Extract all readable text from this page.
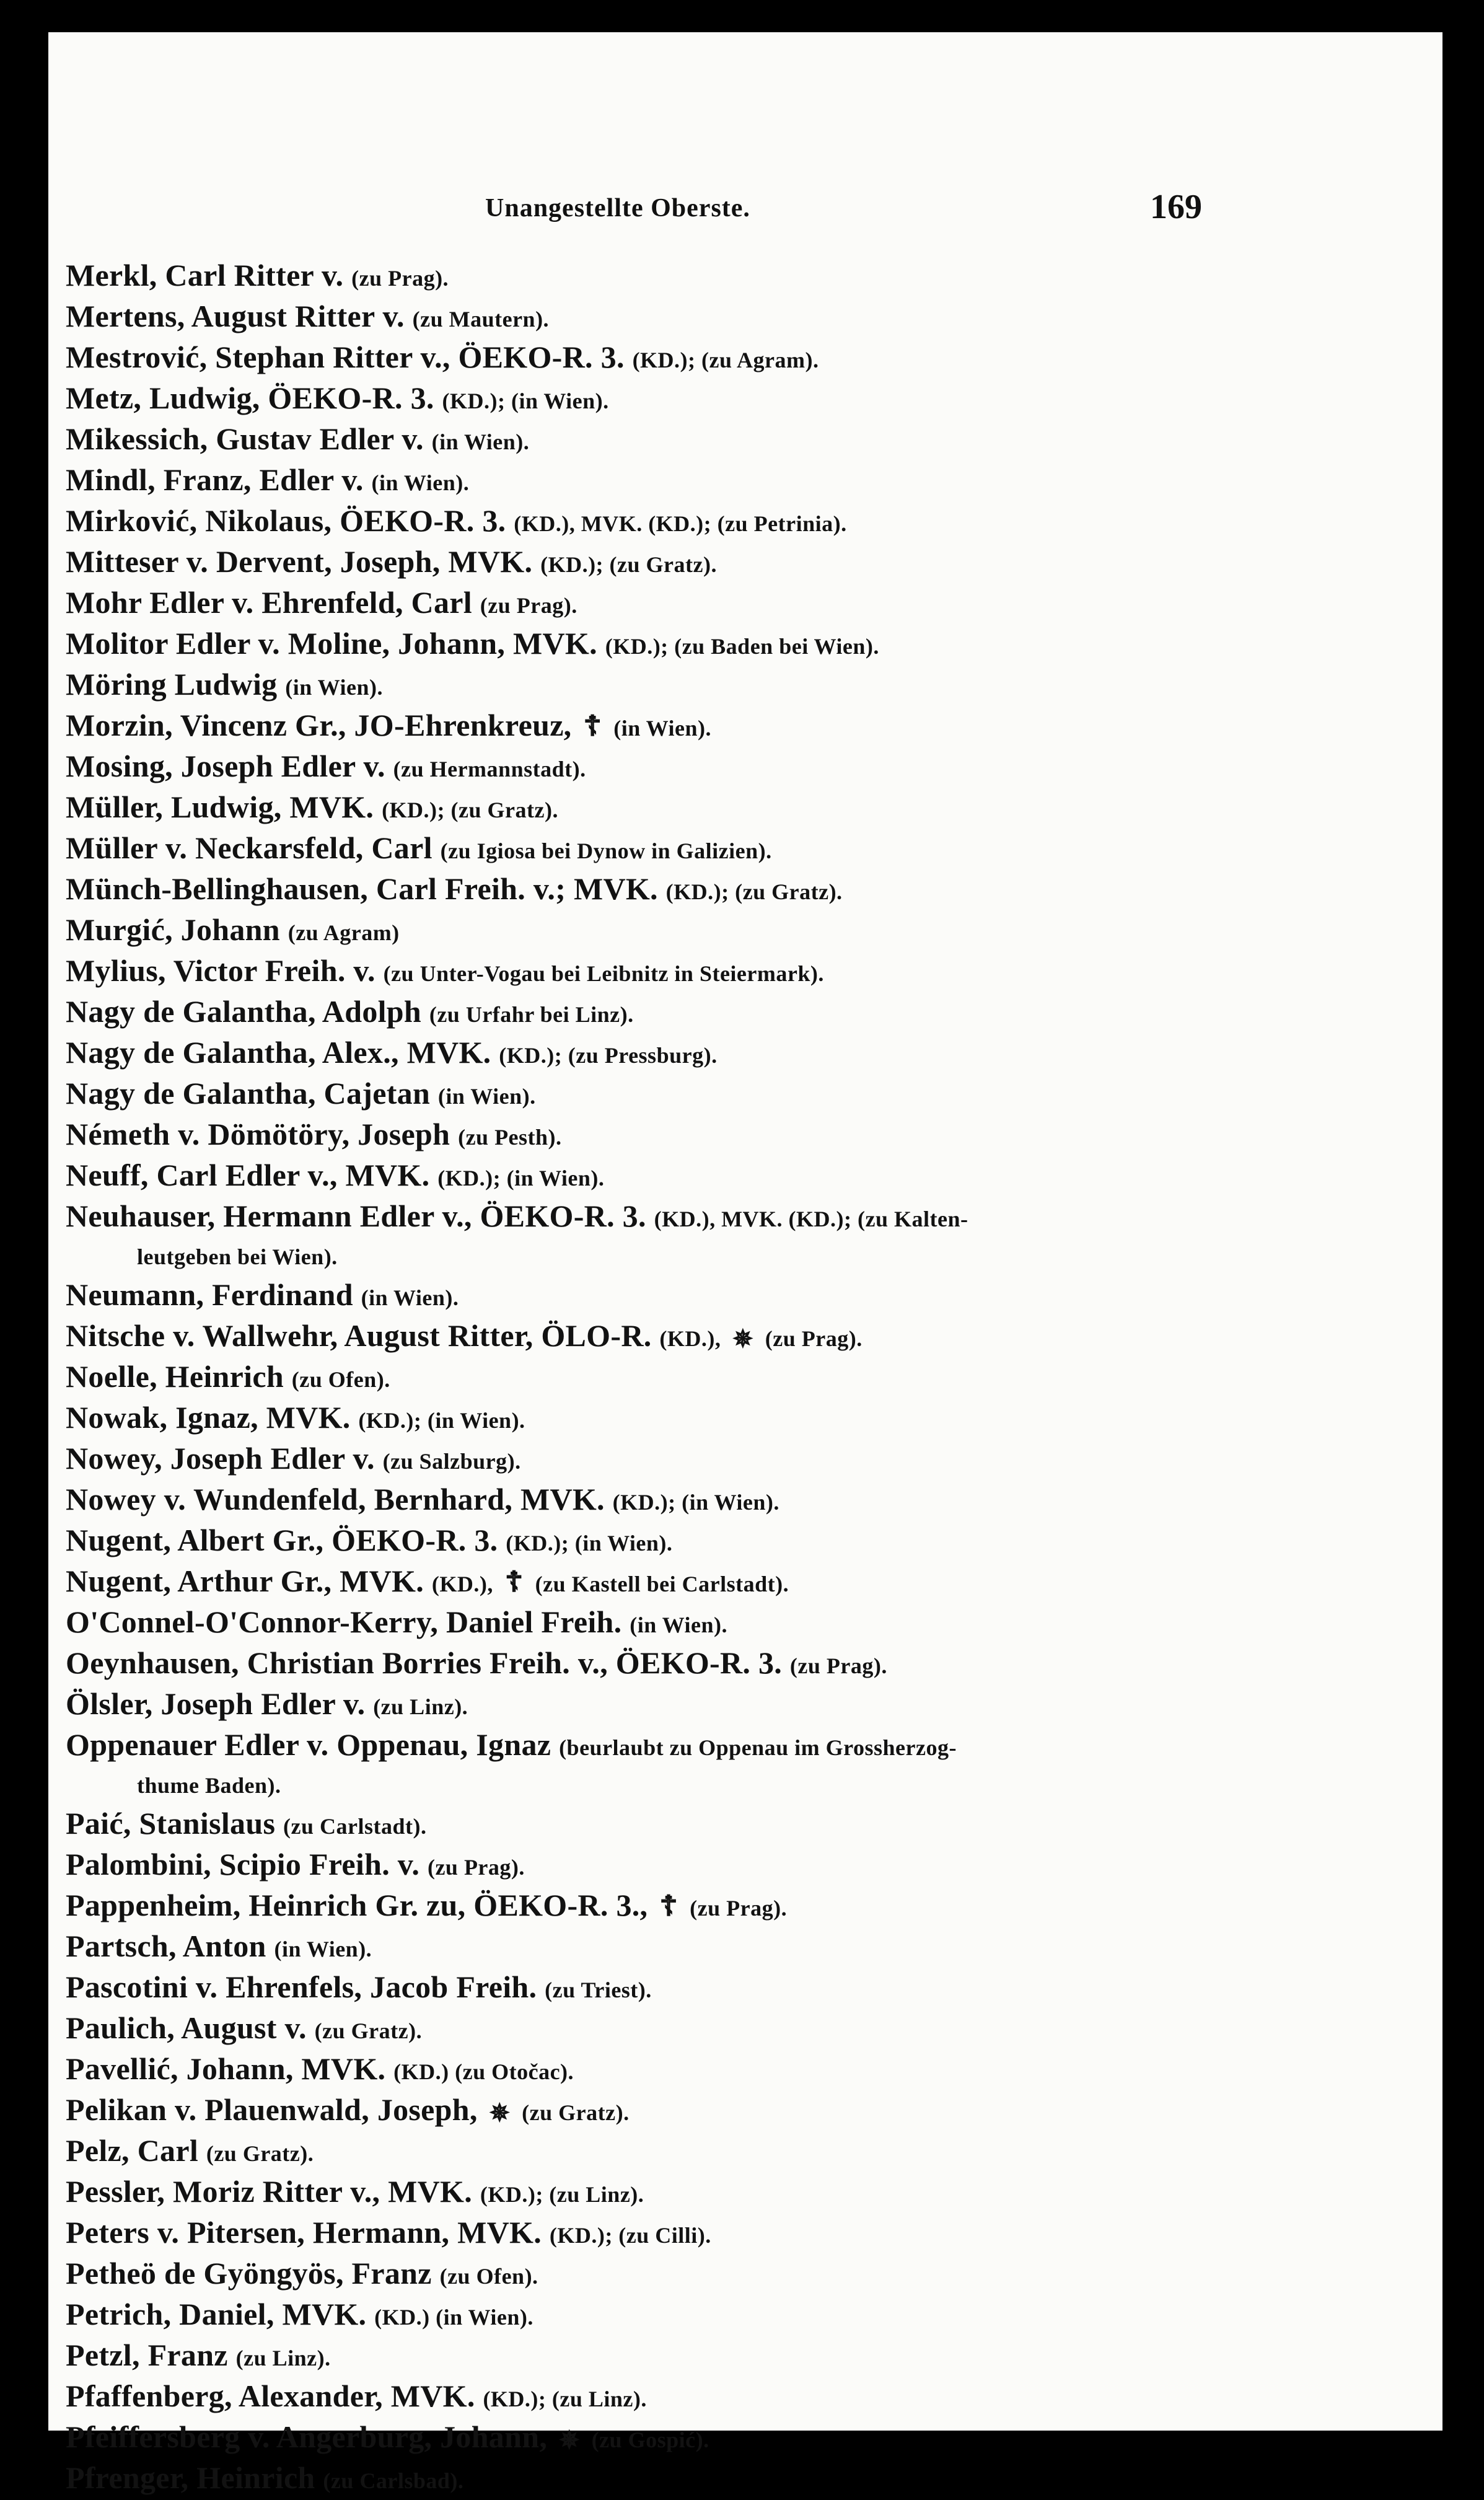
Unangestellte Oberste.	169
Merkl, Carl Ritter v. (zu Prag).
Mertens, August Ritter v. (zu Mautern).
Mestrović, Stephan Ritter v., ÖEKO-R. 3. (KD.); (zu Agram).
Metz, Ludwig, ÖEKO-R. 3. (KD.); (in Wien).
Mikessich, Gustav Edler v. (in Wien).
Mindl, Franz, Edler v. (in Wien).
Mirković, Nikolaus, ÖEKO-R. 3. (KD.), MVK. (KD.); (zu Petrinia).
Mitteser v. Dervent, Joseph, MVK. (KD.); (zu Gratz).
Mohr Edler v. Ehrenfeld, Carl (zu Prag).
Molitor Edler v. Moline, Johann, MVK. (KD.); (zu Baden bei Wien).
Möring Ludwig (in Wien).
Morzin, Vincenz Gr., JO-Ehrenkreuz, ☦ (in Wien).
Mosing, Joseph Edler v. (zu Hermannstadt).
Müller, Ludwig, MVK. (KD.); (zu Gratz).
Müller v. Neckarsfeld, Carl (zu Igiosa bei Dynow in Galizien).
Münch-Bellinghausen, Carl Freih. v.; MVK. (KD.); (zu Gratz).
Murgić, Johann (zu Agram)
Mylius, Victor Freih. v. (zu Unter-Vogau bei Leibnitz in Steiermark).
Nagy de Galantha, Adolph (zu Urfahr bei Linz).
Nagy de Galantha, Alex., MVK. (KD.); (zu Pressburg).
Nagy de Galantha, Cajetan (in Wien).
Németh v. Dömötöry, Joseph (zu Pesth).
Neuff, Carl Edler v., MVK. (KD.); (in Wien).
Neuhauser, Hermann Edler v., ÖEKO-R. 3. (KD.), MVK. (KD.); (zu Kalten-
leutgeben bei Wien).
Neumann, Ferdinand (in Wien).
Nitsche v. Wallwehr, August Ritter, ÖLO-R. (KD.), ✵ (zu Prag).
Noelle, Heinrich (zu Ofen).
Nowak, Ignaz, MVK. (KD.); (in Wien).
Nowey, Joseph Edler v. (zu Salzburg).
Nowey v. Wundenfeld, Bernhard, MVK. (KD.); (in Wien).
Nugent, Albert Gr., ÖEKO-R. 3. (KD.); (in Wien).
Nugent, Arthur Gr., MVK. (KD.), ☦ (zu Kastell bei Carlstadt).
O'Connel-O'Connor-Kerry, Daniel Freih. (in Wien).
Oeynhausen, Christian Borries Freih. v., ÖEKO-R. 3. (zu Prag).
Ölsler, Joseph Edler v. (zu Linz).
Oppenauer Edler v. Oppenau, Ignaz (beurlaubt zu Oppenau im Grossherzog-
thume Baden).
Paić, Stanislaus (zu Carlstadt).
Palombini, Scipio Freih. v. (zu Prag).
Pappenheim, Heinrich Gr. zu, ÖEKO-R. 3., ☦ (zu Prag).
Partsch, Anton (in Wien).
Pascotini v. Ehrenfels, Jacob Freih. (zu Triest).
Paulich, August v. (zu Gratz).
Pavellić, Johann, MVK. (KD.) (zu Otočac).
Pelikan v. Plauenwald, Joseph, ✵ (zu Gratz).
Pelz, Carl (zu Gratz).
Pessler, Moriz Ritter v., MVK. (KD.); (zu Linz).
Peters v. Pitersen, Hermann, MVK. (KD.); (zu Cilli).
Petheö de Gyöngyös, Franz (zu Ofen).
Petrich, Daniel, MVK. (KD.) (in Wien).
Petzl, Franz (zu Linz).
Pfaffenberg, Alexander, MVK. (KD.); (zu Linz).
Pfeiffersberg v. Angerburg, Johann, ✵ (zu Gospić).
Pfrenger, Heinrich (zu Carlsbad).
